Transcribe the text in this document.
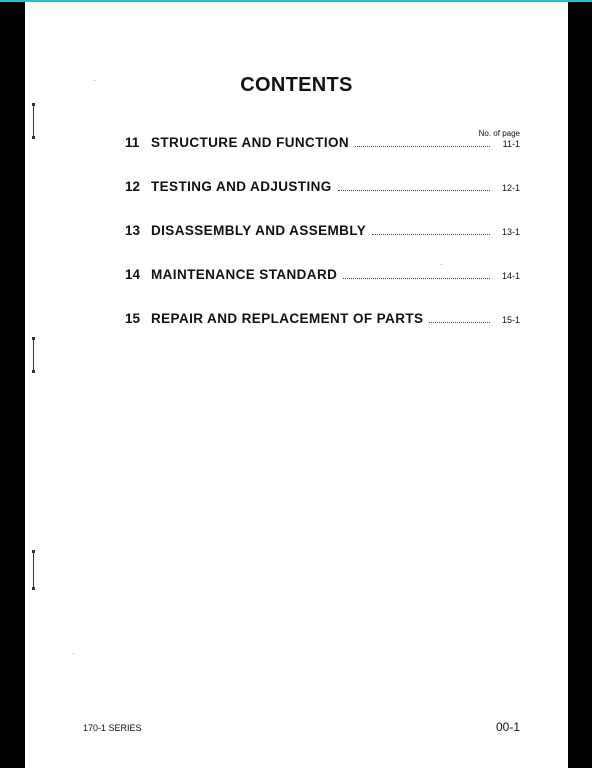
CONTENTS
No. of page
11 STRUCTURE AND FUNCTION	11-1
12 TESTING AND ADJUSTING	12-1
13 DISASSEMBLY AND ASSEMBLY	13-1
14 MAINTENANCE STANDARD	14-1
15 REPAIR AND REPLACEMENT OF PARTS	15-1
170-1 SERIES	00-1
